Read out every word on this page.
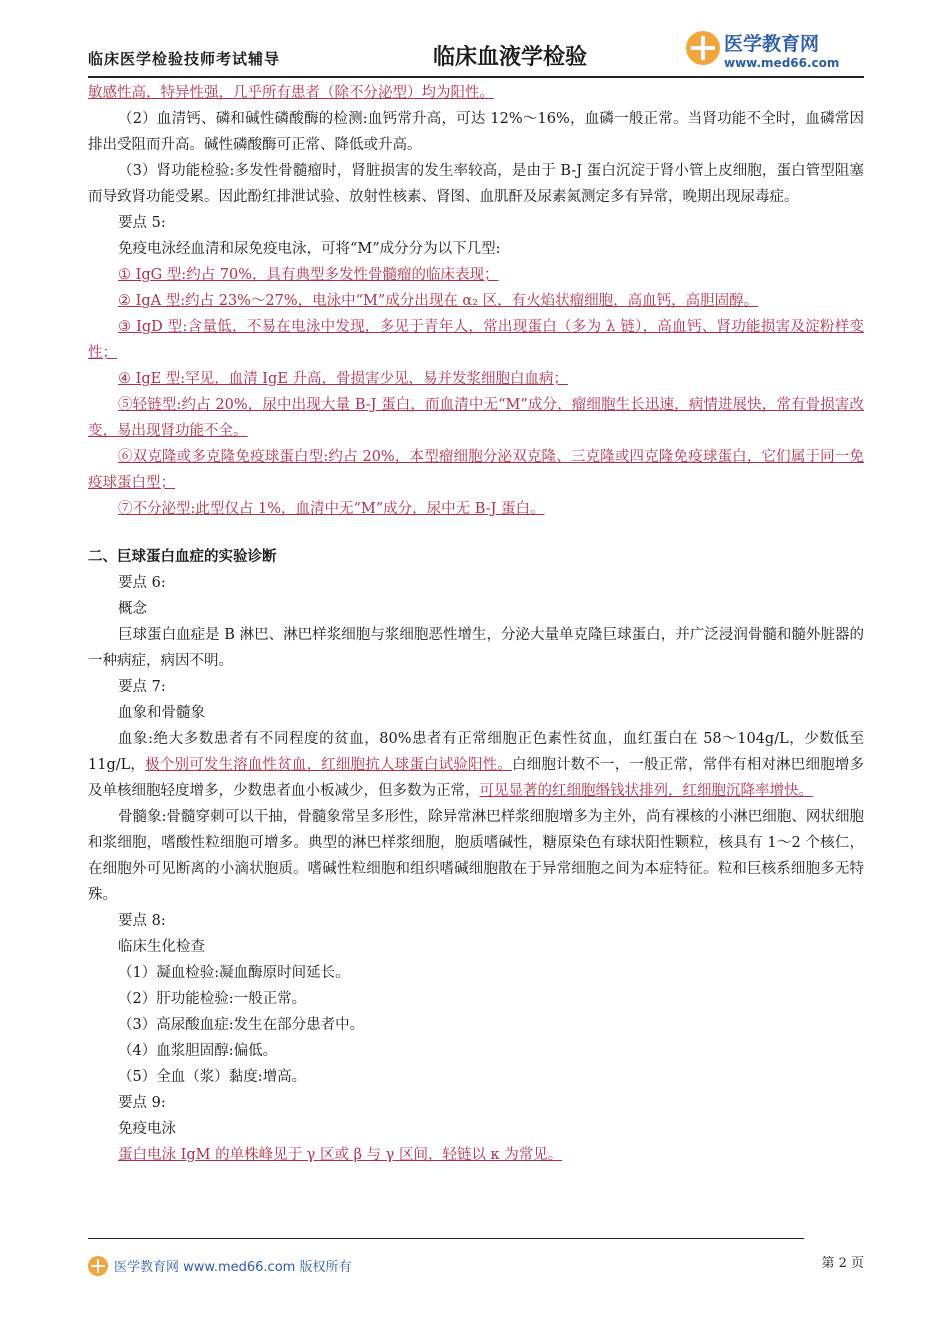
临床医学检验技师考试辅导	临床血液学检验
医学教育网
www.med66.com

敏感性高，特异性强，几乎所有患者（除不分泌型）均为阳性。

（2）血清钙、磷和碱性磷酸酶的检测:血钙常升高，可达 12%～16%，血磷一般正常。当肾功能不全时，血磷常因排出受阻而升高。碱性磷酸酶可正常、降低或升高。

（3）肾功能检验:多发性骨髓瘤时，肾脏损害的发生率较高，是由于 B-J 蛋白沉淀于肾小管上皮细胞，蛋白管型阻塞而导致肾功能受累。因此酚红排泄试验、放射性核素、肾图、血肌酐及尿素氮测定多有异常，晚期出现尿毒症。

要点 5:

免疫电泳经血清和尿免疫电泳，可将“M”成分分为以下几型:

① IgG 型:约占 70%，具有典型多发性骨髓瘤的临床表现；

② IgA 型:约占 23%～27%，电泳中“M”成分出现在 α₂ 区，有火焰状瘤细胞，高血钙，高胆固醇。

③ IgD 型:含量低，不易在电泳中发现，多见于青年人，常出现蛋白（多为 λ 链），高血钙、肾功能损害及淀粉样变性；

④ IgE 型:罕见，血清 IgE 升高，骨损害少见，易并发浆细胞白血病；

⑤轻链型:约占 20%，尿中出现大量 B-J 蛋白，而血清中无“M”成分，瘤细胞生长迅速，病情进展快，常有骨损害改变，易出现肾功能不全。

⑥双克隆或多克隆免疫球蛋白型:约占 20%，本型瘤细胞分泌双克隆、三克隆或四克隆免疫球蛋白，它们属于同一免疫球蛋白型；

⑦不分泌型:此型仅占 1%，血清中无“M”成分，尿中无 B-J 蛋白。

二、巨球蛋白血症的实验诊断

要点 6:

概念

巨球蛋白血症是 B 淋巴、淋巴样浆细胞与浆细胞恶性增生，分泌大量单克隆巨球蛋白，并广泛浸润骨髓和髓外脏器的一种病症，病因不明。

要点 7:

血象和骨髓象

血象:绝大多数患者有不同程度的贫血，80%患者有正常细胞正色素性贫血，血红蛋白在 58～104g/L，少数低至 11g/L，极个别可发生溶血性贫血，红细胞抗人球蛋白试验阳性。白细胞计数不一，一般正常，常伴有相对淋巴细胞增多及单核细胞轻度增多，少数患者血小板减少，但多数为正常，可见显著的红细胞缗钱状排列，红细胞沉降率增快。

骨髓象:骨髓穿刺可以干抽，骨髓象常呈多形性，除异常淋巴样浆细胞增多为主外，尚有裸核的小淋巴细胞、网状细胞和浆细胞，嗜酸性粒细胞可增多。典型的淋巴样浆细胞，胞质嗜碱性，糖原染色有球状阳性颗粒，核具有 1～2 个核仁，在细胞外可见断离的小滴状胞质。嗜碱性粒细胞和组织嗜碱细胞散在于异常细胞之间为本症特征。粒和巨核系细胞多无特殊。

要点 8:

临床生化检查

（1）凝血检验:凝血酶原时间延长。

（2）肝功能检验:一般正常。

（3）高尿酸血症:发生在部分患者中。

（4）血浆胆固醇:偏低。

（5）全血（浆）黏度:增高。

要点 9:

免疫电泳

蛋白电泳 IgM 的单株峰见于 γ 区或 β 与 γ 区间，轻链以 κ 为常见。

医学教育网 www.med66.com 版权所有	第 2 页
